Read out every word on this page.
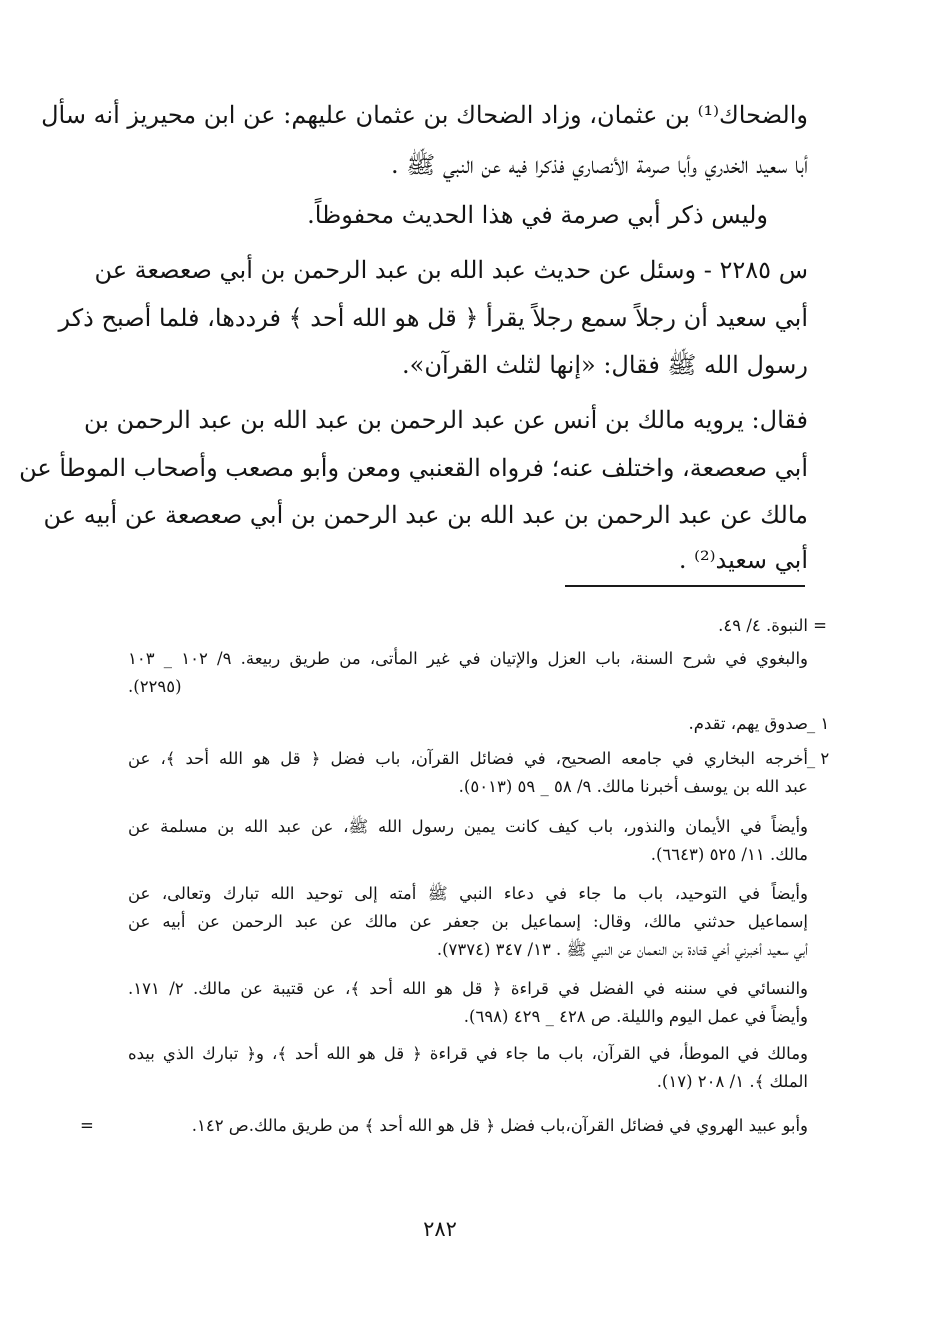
والضحاك⁽¹⁾ بن عثمان، وزاد الضحاك بن عثمان عليهم: عن ابن محيريز أنه سأل
أبا سعيد الخدري وأبا صرمة الأنصاري فذكرا فيه عن النبي ﷺ .
وليس ذكر أبي صرمة في هذا الحديث محفوظاً.
س ٢٢٨٥ - وسئل عن حديث عبد الله بن عبد الرحمن بن أبي صعصعة عن
أبي سعيد أن رجلاً سمع رجلاً يقرأ ﴿ قل هو الله أحد ﴾ فرددها، فلما أصبح ذكر
رسول الله ﷺ فقال: «إنها لثلث القرآن».
فقال: يرويه مالك بن أنس عن عبد الرحمن بن عبد الله بن عبد الرحمن بن
أبي صعصعة، واختلف عنه؛ فرواه القعنبي ومعن وأبو مصعب وأصحاب الموطأ عن
مالك عن عبد الرحمن بن عبد الله بن عبد الرحمن بن أبي صعصعة عن أبيه عن
أبي سعيد⁽²⁾ .
=
١ _
٢ _
النبوة. ٤/ ٤٩.
والبغوي في شرح السنة، باب العزل والإتيان في غير المأتى، من طريق ربيعة. ٩/ ١٠٢ _ ١٠٣
(٢٢٩٥).
صدوق يهم، تقدم.
أخرجه البخاري في جامعه الصحيح، في فضائل القرآن، باب فضل ﴿ قل هو الله أحد ﴾، عن
عبد الله بن يوسف أخبرنا مالك. ٩/ ٥٨ _ ٥٩ (٥٠١٣).
وأيضاً في الأيمان والنذور، باب كيف كانت يمين رسول الله ﷺ، عن عبد الله بن مسلمة عن
مالك. ١١/ ٥٢٥ (٦٦٤٣).
وأيضاً في التوحيد، باب ما جاء في دعاء النبي ﷺ أمته إلى توحيد الله تبارك وتعالى، عن
إسماعيل حدثني مالك، وقال: إسماعيل بن جعفر عن مالك عن عبد الرحمن عن أبيه عن
أبي سعيد أخبرني أخي قتادة بن النعمان عن النبي ﷺ . ١٣/ ٣٤٧ (٧٣٧٤).
والنسائي في سننه في الفضل في قراءة ﴿ قل هو الله أحد ﴾، عن قتيبة عن مالك. ٢/ ١٧١.
وأيضاً في عمل اليوم والليلة. ص ٤٢٨ _ ٤٢٩ (٦٩٨).
ومالك في الموطأ، في القرآن، باب ما جاء في قراءة ﴿ قل هو الله أحد ﴾، و﴿ تبارك الذي بيده
الملك ﴾. ١/ ٢٠٨ (١٧).
وأبو عبيد الهروي في فضائل القرآن،باب فضل ﴿ قل هو الله أحد ﴾ من طريق مالك.ص ١٤٢.
=
٢٨٢
